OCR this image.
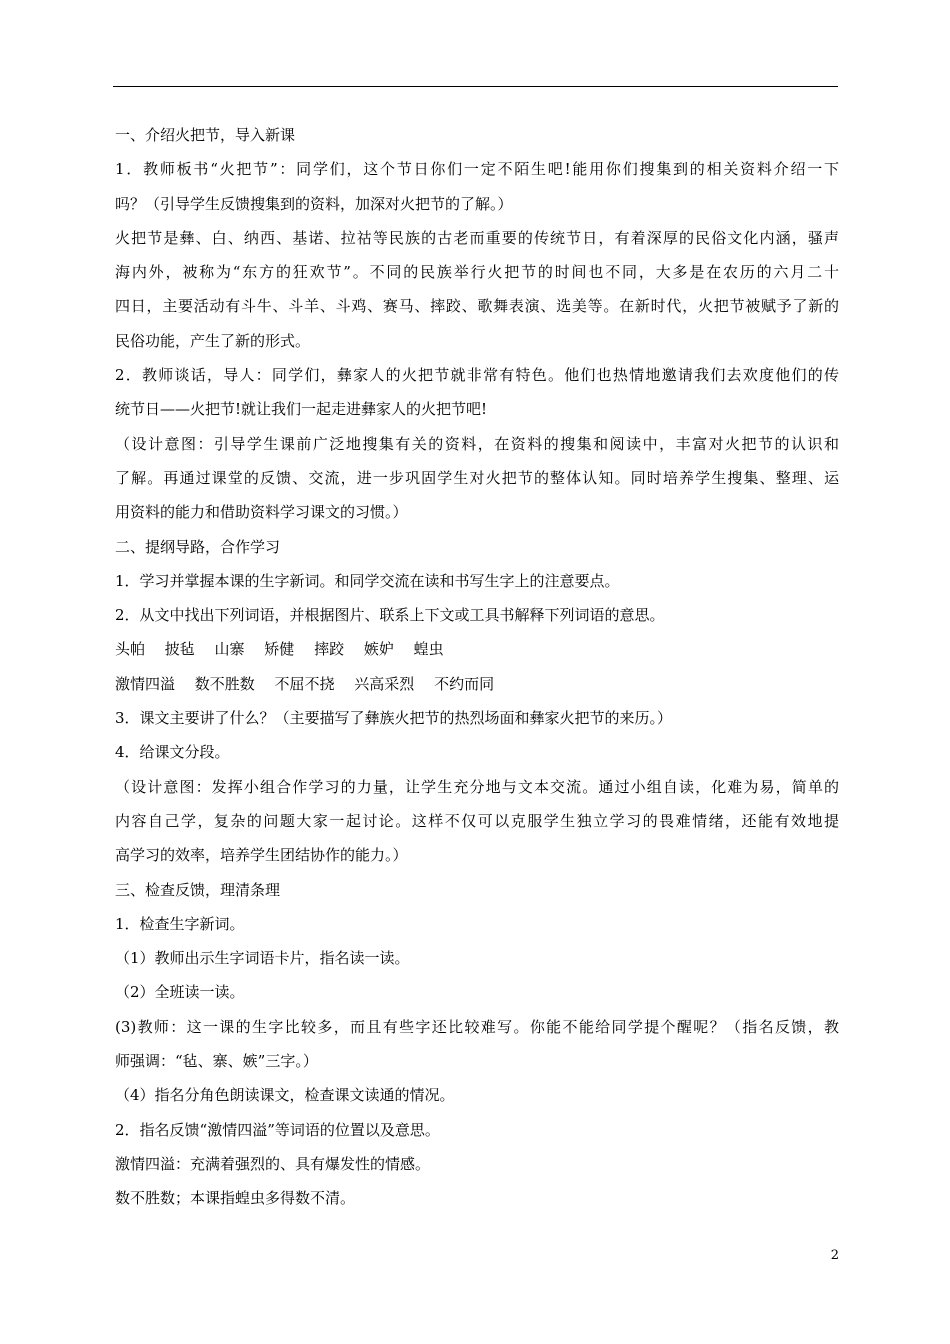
一、介绍火把节，导入新课
1．教师板书“火把节”：同学们，这个节日你们一定不陌生吧!能用你们搜集到的相关资料介绍一下
吗？（引导学生反馈搜集到的资料，加深对火把节的了解。）
火把节是彝、白、纳西、基诺、拉祜等民族的古老而重要的传统节日，有着深厚的民俗文化内涵，骚声
海内外，被称为“东方的狂欢节”。不同的民族举行火把节的时间也不同，大多是在农历的六月二十
四日，主要活动有斗牛、斗羊、斗鸡、赛马、摔跤、歌舞表演、选美等。在新时代，火把节被赋予了新的
民俗功能，产生了新的形式。
2．教师谈话，导人：同学们，彝家人的火把节就非常有特色。他们也热情地邀请我们去欢度他们的传
统节日——火把节!就让我们一起走进彝家人的火把节吧!
（设计意图：引导学生课前广泛地搜集有关的资料，在资料的搜集和阅读中，丰富对火把节的认识和
了解。再通过课堂的反馈、交流，进一步巩固学生对火把节的整体认知。同时培养学生搜集、整理、运
用资料的能力和借助资料学习课文的习惯。）
二、提纲导路，合作学习
1．学习并掌握本课的生字新词。和同学交流在读和书写生字上的注意要点。
2．从文中找出下列词语，并根据图片、联系上下文或工具书解释下列词语的意思。
头帕　 披毡　 山寨　 矫健　 摔跤　 嫉妒　 蝗虫
激情四溢　 数不胜数　 不屈不挠　 兴高采烈　 不约而同
3．课文主要讲了什么？（主要描写了彝族火把节的热烈场面和彝家火把节的来历。）
4．给课文分段。
（设计意图：发挥小组合作学习的力量，让学生充分地与文本交流。通过小组自读，化难为易，简单的
内容自己学，复杂的问题大家一起讨论。这样不仅可以克服学生独立学习的畏难情绪，还能有效地提
高学习的效率，培养学生团结协作的能力。）
三、检查反馈，理清条理
1．检查生字新词。
（1）教师出示生字词语卡片，指名读一读。
（2）全班读一读。
(3)教师：这一课的生字比较多，而且有些字还比较难写。你能不能给同学提个醒呢？（指名反馈，教
师强调：“毡、寨、嫉”三字。）
（4）指名分角色朗读课文，检查课文读通的情况。
2．指名反馈“激情四溢”等词语的位置以及意思。
激情四溢：充满着强烈的、具有爆发性的情感。
数不胜数；本课指蝗虫多得数不清。
2
